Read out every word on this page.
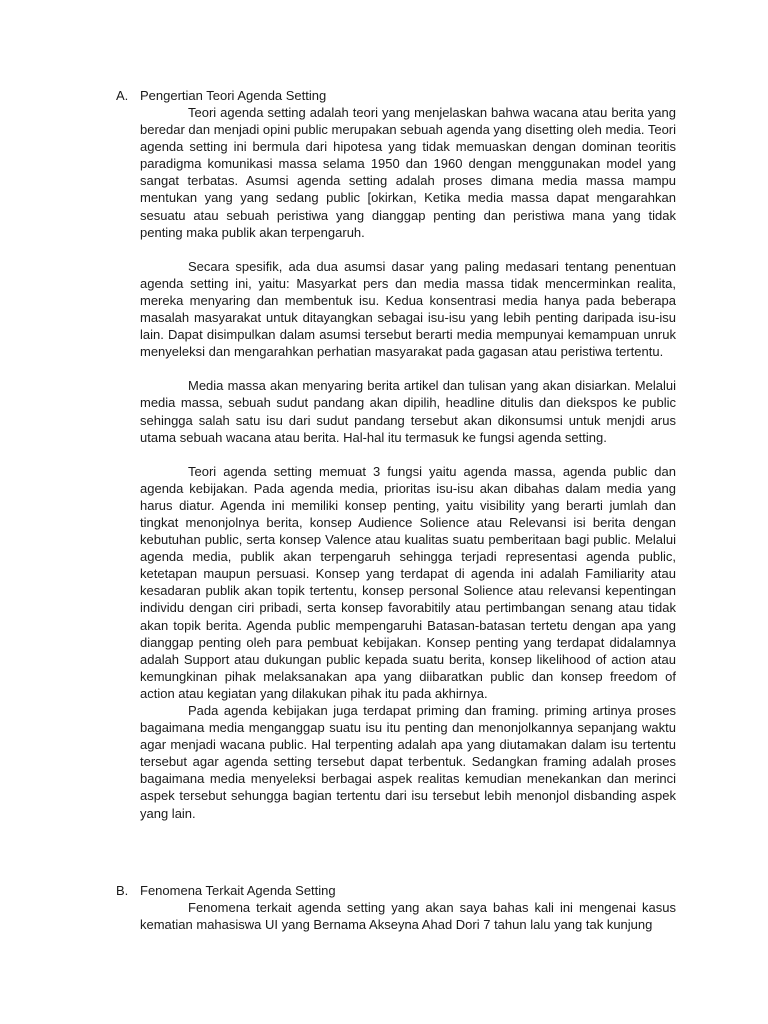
A. Pengertian Teori Agenda Setting

Teori agenda setting adalah teori yang menjelaskan bahwa wacana atau berita yang beredar dan menjadi opini public merupakan sebuah agenda yang disetting oleh media. Teori agenda setting ini bermula dari hipotesa yang tidak memuaskan dengan dominan teoritis paradigma komunikasi massa selama 1950 dan 1960 dengan menggunakan model yang sangat terbatas. Asumsi agenda setting adalah proses dimana media massa mampu mentukan yang yang sedang public [okirkan, Ketika media massa dapat mengarahkan sesuatu atau sebuah peristiwa yang dianggap penting dan peristiwa mana yang tidak penting maka publik akan terpengaruh.

Secara spesifik, ada dua asumsi dasar yang paling medasari tentang penentuan agenda setting ini, yaitu: Masyarkat pers dan media massa tidak mencerminkan realita, mereka menyaring dan membentuk isu. Kedua konsentrasi media hanya pada beberapa masalah masyarakat untuk ditayangkan sebagai isu-isu yang lebih penting daripada isu-isu lain. Dapat disimpulkan dalam asumsi tersebut berarti media mempunyai kemampuan unruk menyeleksi dan mengarahkan perhatian masyarakat pada gagasan atau peristiwa tertentu.

Media massa akan menyaring berita artikel dan tulisan yang akan disiarkan. Melalui media massa, sebuah sudut pandang akan dipilih, headline ditulis dan diekspos ke public sehingga salah satu isu dari sudut pandang tersebut akan dikonsumsi untuk menjdi arus utama sebuah wacana atau berita. Hal-hal itu termasuk ke fungsi agenda setting.

Teori agenda setting memuat 3 fungsi yaitu agenda massa, agenda public dan agenda kebijakan. Pada agenda media, prioritas isu-isu akan dibahas dalam media yang harus diatur. Agenda ini memiliki konsep penting, yaitu visibility yang berarti jumlah dan tingkat menonjolnya berita, konsep Audience Solience atau Relevansi isi berita dengan kebutuhan public, serta konsep Valence atau kualitas suatu pemberitaan bagi public. Melalui agenda media, publik akan terpengaruh sehingga terjadi representasi agenda public, ketetapan maupun persuasi. Konsep yang terdapat di agenda ini adalah Familiarity atau kesadaran publik akan topik tertentu, konsep personal Solience atau relevansi kepentingan individu dengan ciri pribadi, serta konsep favorabitily atau pertimbangan senang atau tidak akan topik berita. Agenda public mempengaruhi Batasan-batasan tertetu dengan apa yang dianggap penting oleh para pembuat kebijakan. Konsep penting yang terdapat didalamnya adalah Support atau dukungan public kepada suatu berita, konsep likelihood of action atau kemungkinan pihak melaksanakan apa yang diibaratkan public dan konsep freedom of action atau kegiatan yang dilakukan pihak itu pada akhirnya.

Pada agenda kebijakan juga terdapat priming dan framing. priming artinya proses bagaimana media menganggap suatu isu itu penting dan menonjolkannya sepanjang waktu agar menjadi wacana public. Hal terpenting adalah apa yang diutamakan dalam isu tertentu tersebut agar agenda setting tersebut dapat terbentuk. Sedangkan framing adalah proses bagaimana media menyeleksi berbagai aspek realitas kemudian menekankan dan merinci aspek tersebut sehungga bagian tertentu dari isu tersebut lebih menonjol disbanding aspek yang lain.

B. Fenomena Terkait Agenda Setting

Fenomena terkait agenda setting yang akan saya bahas kali ini mengenai kasus kematian mahasiswa UI yang Bernama Akseyna Ahad Dori 7 tahun lalu yang tak kunjung
